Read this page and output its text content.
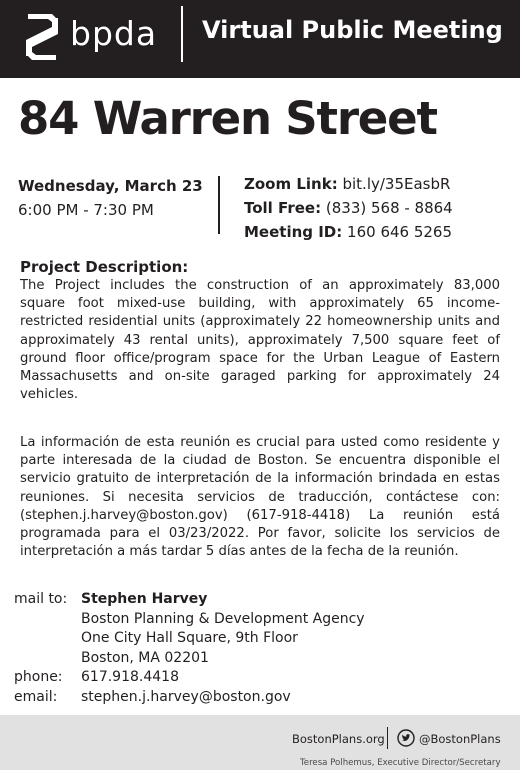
bpda Virtual Public Meeting
84 Warren Street
Wednesday, March 23
6:00 PM - 7:30 PM
Zoom Link: bit.ly/35EasbR
Toll Free: (833) 568 - 8864
Meeting ID: 160 646 5265
Project Description:

The Project includes the construction of an approximately 83,000 square foot mixed-use building, with approximately 65 income-restricted residential units (approximately 22 homeownership units and approximately 43 rental units), approximately 7,500 square feet of ground floor office/program space for the Urban League of Eastern Massachusetts and on-site garaged parking for approximately 24 vehicles.

La información de esta reunión es crucial para usted como residente y parte interesada de la ciudad de Boston. Se encuentra disponible el servicio gratuito de interpretación de la información brindada en estas reuniones. Si necesita servicios de traducción, contáctese con: (stephen.j.harvey@boston.gov) (617-918-4418) La reunión está programada para el 03/23/2022. Por favor, solicite los servicios de interpretación a más tardar 5 días antes de la fecha de la reunión.

mail to: Stephen Harvey
Boston Planning & Development Agency
One City Hall Square, 9th Floor
Boston, MA 02201
phone:	617.918.4418
email:	stephen.j.harvey@boston.gov
BostonPlans.org	@BostonPlans
Teresa Polhemus, Executive Director/Secretary
